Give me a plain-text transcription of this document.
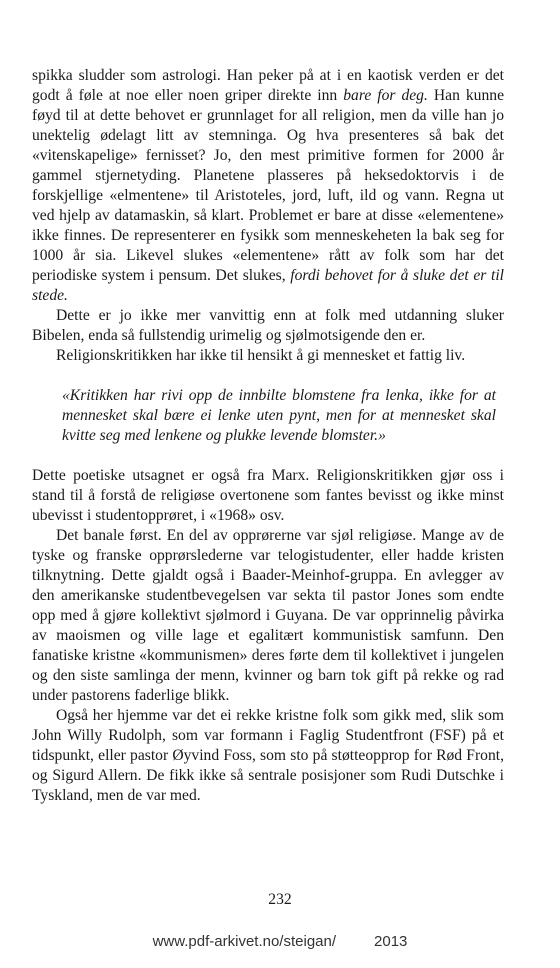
spikka sludder som astrologi. Han peker på at i en kaotisk verden er det godt å føle at noe eller noen griper direkte inn bare for deg. Han kunne føyd til at dette behovet er grunnlaget for all religion, men da ville han jo unektelig ødelagt litt av stemninga. Og hva presenteres så bak det «vitenskapelige» fernisset? Jo, den mest primitive formen for 2000 år gammel stjernetyding. Planetene plasseres på heksedoktorvis i de forskjellige «elmentene» til Aristoteles, jord, luft, ild og vann. Regna ut ved hjelp av datamaskin, så klart. Problemet er bare at disse «elementene» ikke finnes. De representerer en fysikk som menneskeheten la bak seg for 1000 år sia. Likevel slukes «elementene» rått av folk som har det periodiske system i pensum. Det slukes, fordi behovet for å sluke det er til stede.

Dette er jo ikke mer vanvittig enn at folk med utdanning sluker Bibelen, enda så fullstendig urimelig og sjølmotsigende den er.

Religionskritikken har ikke til hensikt å gi mennesket et fattig liv.

«Kritikken har rivi opp de innbilte blomstene fra lenka, ikke for at mennesket skal bære ei lenke uten pynt, men for at mennesket skal kvitte seg med lenkene og plukke levende blomster.»

Dette poetiske utsagnet er også fra Marx. Religionskritikken gjør oss i stand til å forstå de religiøse overtonene som fantes bevisst og ikke minst ubevisst i studentopprøret, i «1968» osv.

Det banale først. En del av opprørerne var sjøl religiøse. Mange av de tyske og franske opprørslederne var telogistudenter, eller hadde kristen tilknytning. Dette gjaldt også i Baader-Meinhof-gruppa. En avlegger av den amerikanske studentbevegelsen var sekta til pastor Jones som endte opp med å gjøre kollektivt sjølmord i Guyana. De var opprinnelig påvirka av maoismen og ville lage et egalitært kommunistisk samfunn. Den fanatiske kristne «kommunismen» deres førte dem til kollektivet i jungelen og den siste samlinga der menn, kvinner og barn tok gift på rekke og rad under pastorens faderlige blikk.

Også her hjemme var det ei rekke kristne folk som gikk med, slik som John Willy Rudolph, som var formann i Faglig Studentfront (FSF) på et tidspunkt, eller pastor Øyvind Foss, som sto på støtteopprop for Rød Front, og Sigurd Allern. De fikk ikke så sentrale posisjoner som Rudi Dutschke i Tyskland, men de var med.

232
www.pdf-arkivet.no/steigan/	2013
